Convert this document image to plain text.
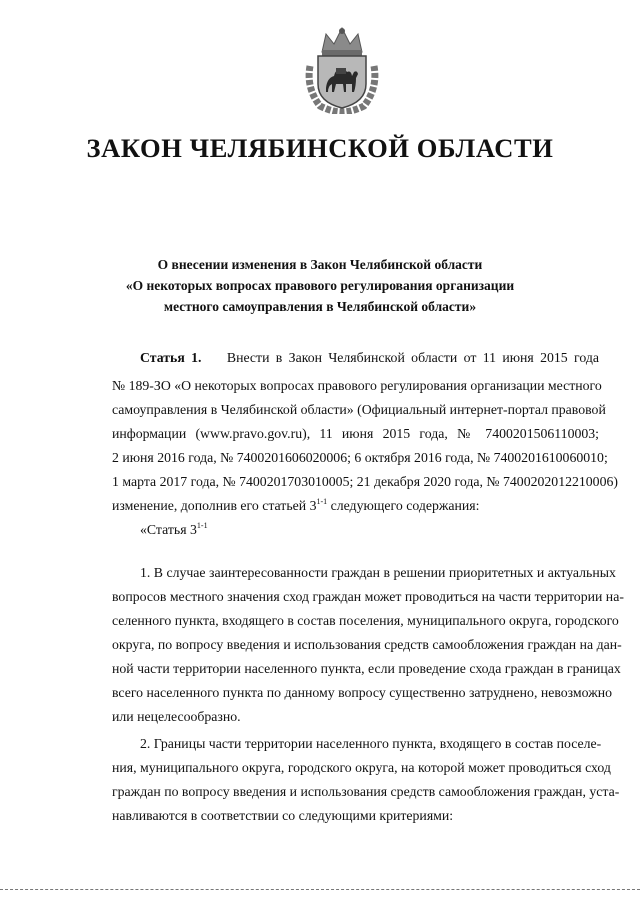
ЗАКОН ЧЕЛЯБИНСКОЙ ОБЛАСТИ
О внесении изменения в Закон Челябинской области
«О некоторых вопросах правового регулирования организации
местного самоуправления в Челябинской области»
Статья 1. Внести в Закон Челябинской области от 11 июня 2015 года
№ 189-ЗО «О некоторых вопросах правового регулирования организации местного
самоуправления в Челябинской области» (Официальный интернет-портал правовой
информации (www.pravo.gov.ru), 11 июня 2015 года, № 7400201506110003;
2 июня 2016 года, № 7400201606020006; 6 октября 2016 года, № 7400201610060010;
1 марта 2017 года, № 7400201703010005; 21 декабря 2020 года, № 7400202012210006)
изменение, дополнив его статьей 3$^{1-1}$ следующего содержания:
«Статья 3$^{1-1}$
1. В случае заинтересованности граждан в решении приоритетных и актуальных
вопросов местного значения сход граждан может проводиться на части территории на-
селенного пункта, входящего в состав поселения, муниципального округа, городского
округа, по вопросу введения и использования средств самообложения граждан на дан-
ной части территории населенного пункта, если проведение схода граждан в границах
всего населенного пункта по данному вопросу существенно затруднено, невозможно
или нецелесообразно.
2. Границы части территории населенного пункта, входящего в состав поселе-
ния, муниципального округа, городского округа, на которой может проводиться сход
граждан по вопросу введения и использования средств самообложения граждан, уста-
навливаются в соответствии со следующими критериями:
